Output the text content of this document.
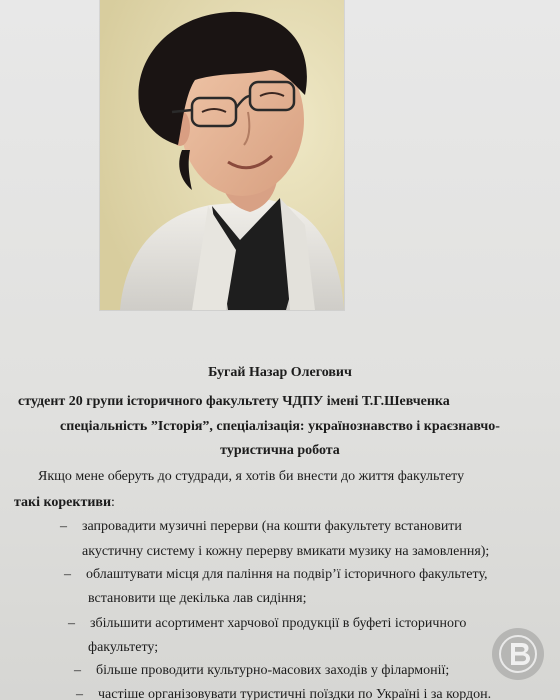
Бугай Назар Олегович
студент 20 групи історичного факультету ЧДПУ імені Т.Г.Шевченка
спеціальність ”Історія”, спеціалізація: українознавство і краєзнавчо-
туристична робота
Якщо мене оберуть до студради, я хотів би внести до життя факультету
такі корективи:
– запровадити музичні перерви (на кошти факультету встановити
акустичну систему і кожну перерву вмикати музику на замовлення);
– облаштувати місця для паління на подвір’ї історичного факультету,
встановити ще декілька лав сидіння;
– збільшити асортимент харчової продукції в буфеті історичного
факультету;
– більше проводити культурно-масових заходів у філармонії;
– частіше організовувати туристичні поїздки по Україні і за кордон.
